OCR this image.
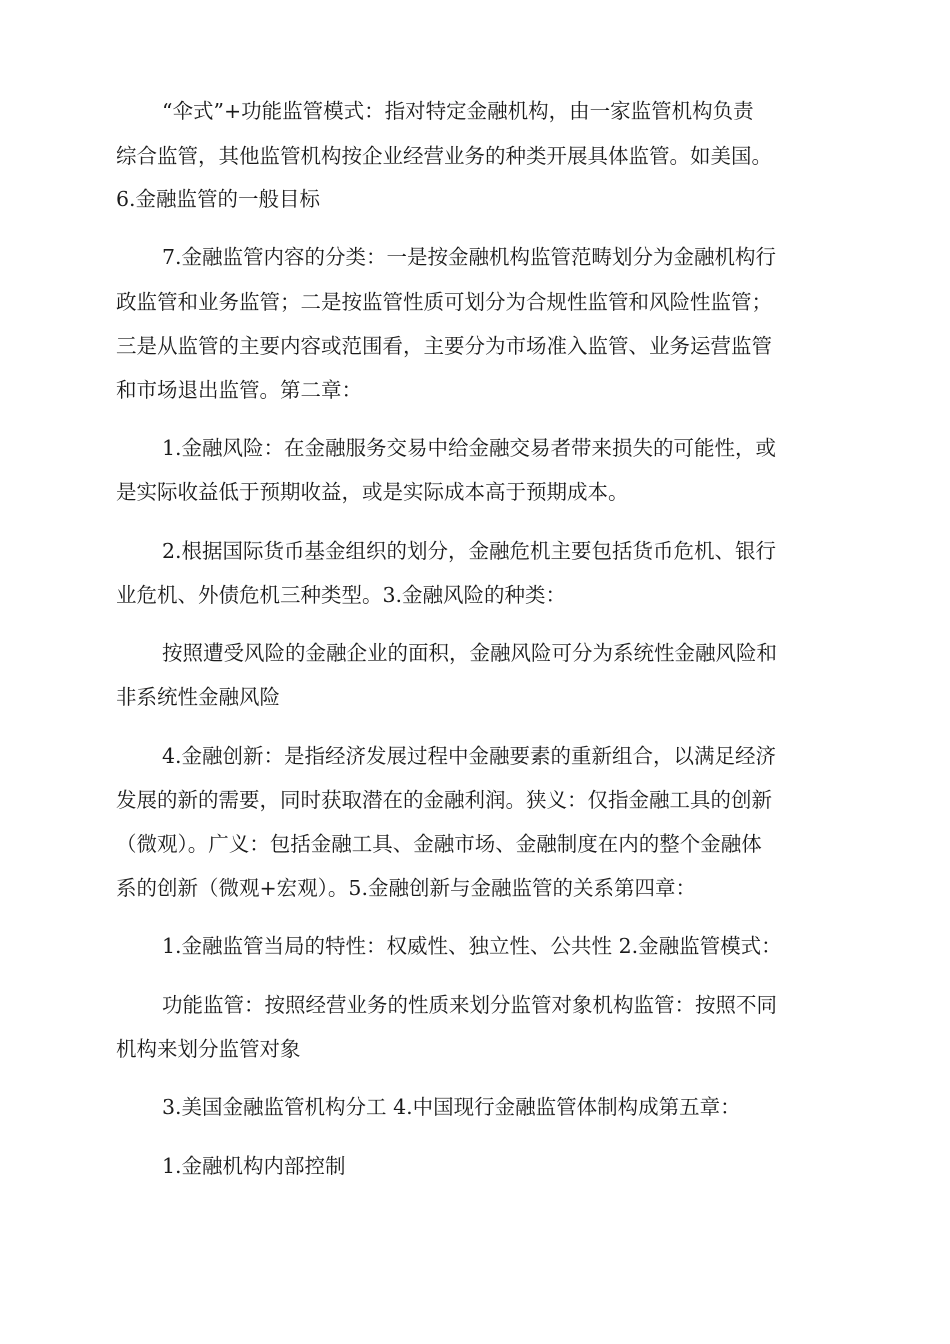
“伞式”+功能监管模式：指对特定金融机构，由一家监管机构负责
综合监管，其他监管机构按企业经营业务的种类开展具体监管。如美国。
6.金融监管的一般目标
7.金融监管内容的分类：一是按金融机构监管范畴划分为金融机构行
政监管和业务监管；二是按监管性质可划分为合规性监管和风险性监管；
三是从监管的主要内容或范围看，主要分为市场准入监管、业务运营监管
和市场退出监管。第二章：
1.金融风险：在金融服务交易中给金融交易者带来损失的可能性，或
是实际收益低于预期收益，或是实际成本高于预期成本。
2.根据国际货币基金组织的划分，金融危机主要包括货币危机、银行
业危机、外债危机三种类型。3.金融风险的种类：
按照遭受风险的金融企业的面积，金融风险可分为系统性金融风险和
非系统性金融风险
4.金融创新：是指经济发展过程中金融要素的重新组合，以满足经济
发展的新的需要，同时获取潜在的金融利润。狭义：仅指金融工具的创新
（微观）。广义：包括金融工具、金融市场、金融制度在内的整个金融体
系的创新（微观+宏观）。5.金融创新与金融监管的关系第四章：
1.金融监管当局的特性：权威性、独立性、公共性 2.金融监管模式：
功能监管：按照经营业务的性质来划分监管对象机构监管：按照不同
机构来划分监管对象
3.美国金融监管机构分工 4.中国现行金融监管体制构成第五章：
1.金融机构内部控制
